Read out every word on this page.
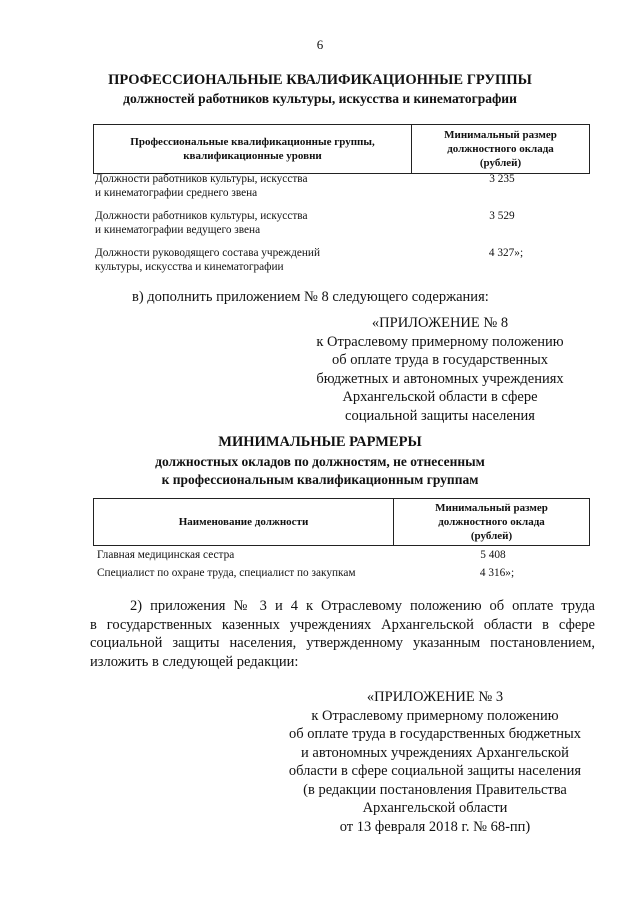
6
ПРОФЕССИОНАЛЬНЫЕ КВАЛИФИКАЦИОННЫЕ ГРУППЫ
должностей работников культуры, искусства и кинематографии
Профессиональные квалификационные группы,
квалификационные уровни

Минимальный размер
должностного оклада
(рублей)
Должности работников культуры, искусства
и кинематографии среднего звена
3 235
Должности работников культуры, искусства
и кинематографии ведущего звена
3 529
Должности руководящего состава учреждений
культуры, искусства и кинематографии
4 327»;
в) дополнить приложением № 8 следующего содержания:
«ПРИЛОЖЕНИЕ № 8
к Отраслевому примерному положению
об оплате труда в государственных
бюджетных и автономных учреждениях
Архангельской области в сфере
социальной защиты населения
МИНИМАЛЬНЫЕ РАРМЕРЫ
должностных окладов по должностям, не отнесенным
к профессиональным квалификационным группам
Наименование должности	
Минимальный размер
должностного оклада
(рублей)
Главная медицинская сестра	5 408
Специалист по охране труда, специалист по закупкам	4 316»;
2) приложения № 3 и 4 к Отраслевому положению об оплате труда
в государственных казенных учреждениях Архангельской области в сфере
социальной защиты населения, утвержденному указанным постановлением,
изложить в следующей редакции:
«ПРИЛОЖЕНИЕ № 3
к Отраслевому примерному положению
об оплате труда в государственных бюджетных
и автономных учреждениях Архангельской
области в сфере социальной защиты населения
(в редакции постановления Правительства
Архангельской области
от 13 февраля 2018 г. № 68-пп)
